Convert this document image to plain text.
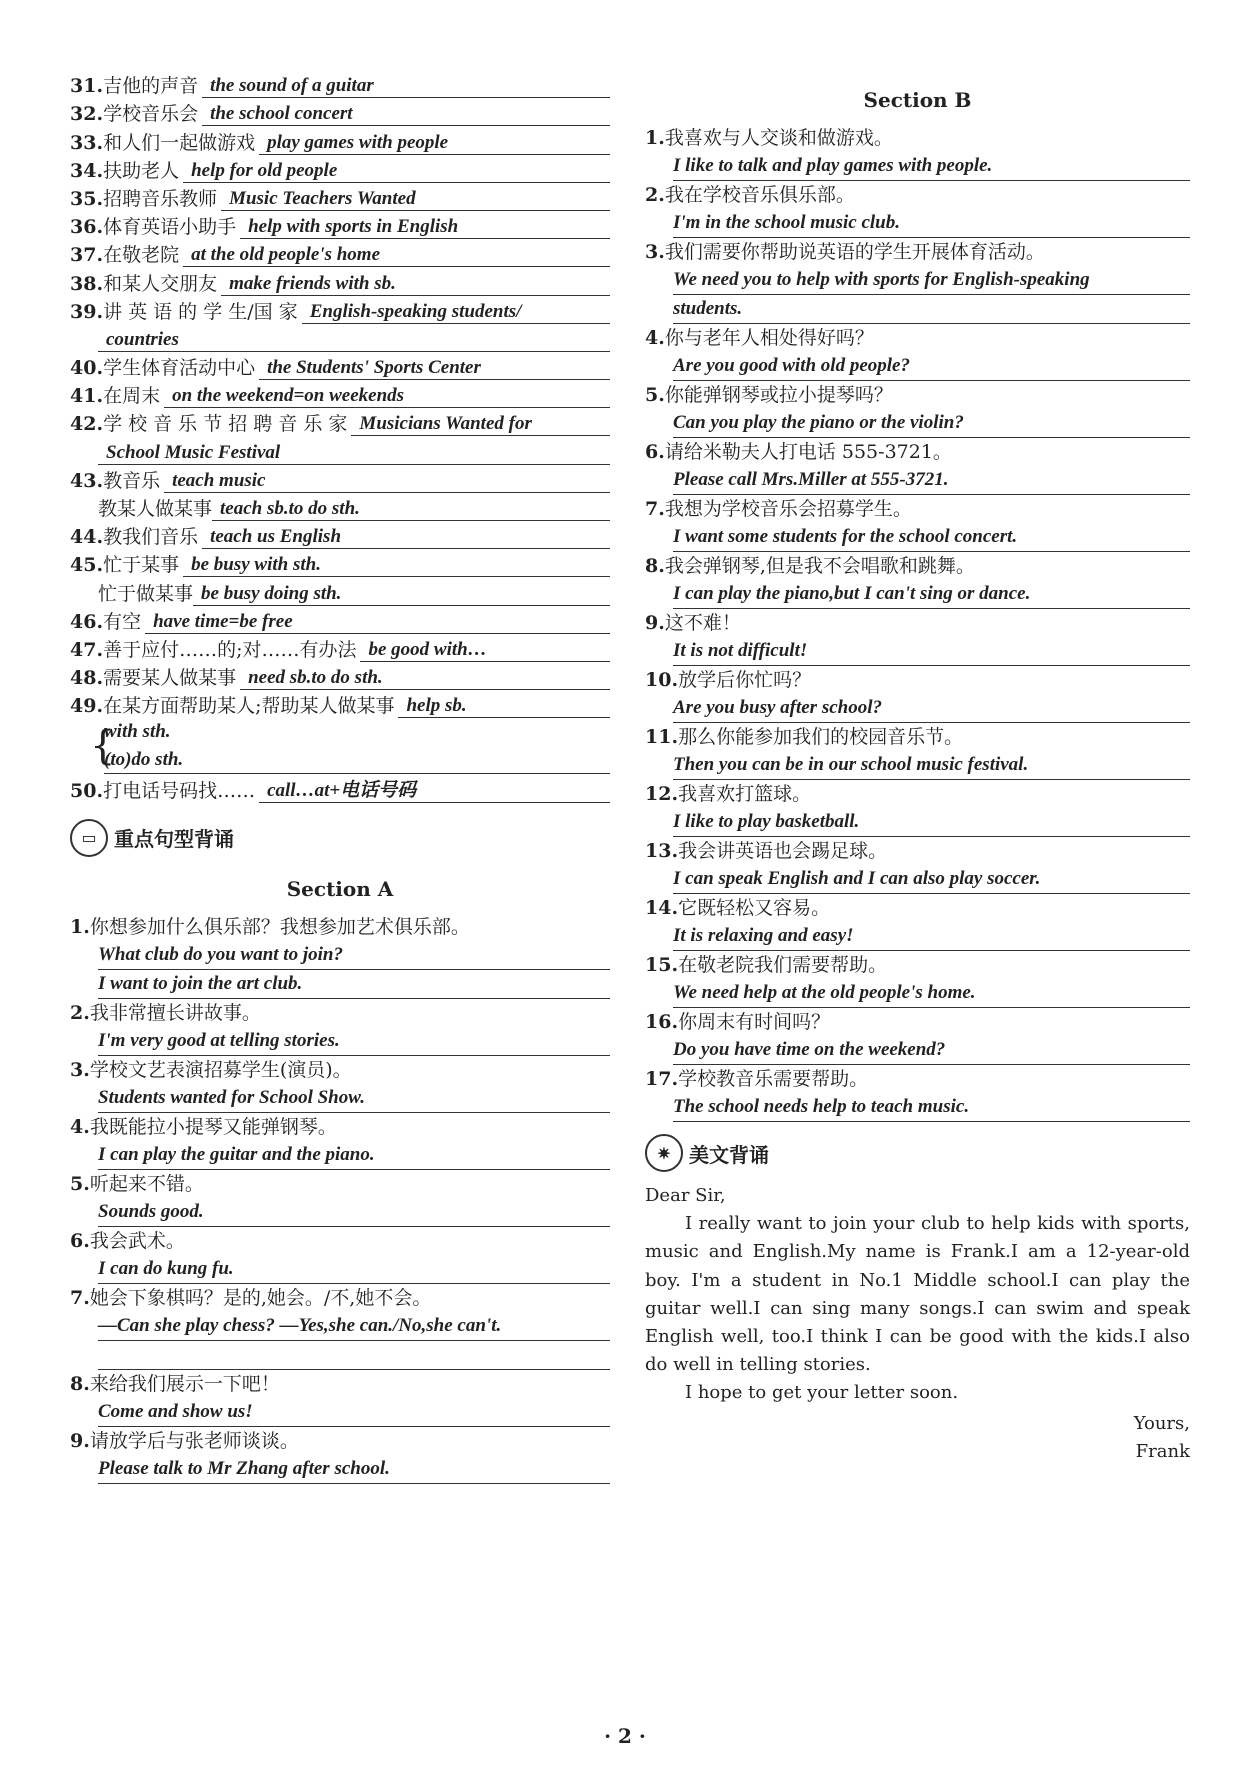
31.吉他的声音 the sound of a guitar
32.学校音乐会 the school concert
33.和人们一起做游戏 play games with people
34.扶助老人 help for old people
35.招聘音乐教师 Music Teachers Wanted
36.体育英语小助手 help with sports in English
37.在敬老院 at the old people's home
38.和某人交朋友 make friends with sb.
39.讲 英 语 的 学 生/国 家 English-speaking students/
countries
40.学生体育活动中心 the Students' Sports Center
41.在周末 on the weekend=on weekends
42.学 校 音 乐 节 招 聘 音 乐 家 Musicians Wanted for
School Music Festival
43.教音乐 teach music
教某人做某事 teach sb.to do sth.
44.教我们音乐 teach us English
45.忙于某事 be busy with sth.
忙于做某事 be busy doing sth.
46.有空 have time=be free
47.善于应付……的;对……有办法 be good with…
48.需要某人做某事 need sb.to do sth.
49.在某方面帮助某人;帮助某人做某事 help sb.
{
with sth.
(to)do sth.
50.打电话号码找…… call…at+电话号码
▭ 重点句型背诵
Section A
1.你想参加什么俱乐部？我想参加艺术俱乐部。
What club do you want to join?
I want to join the art club.
2.我非常擅长讲故事。
I'm very good at telling stories.
3.学校文艺表演招募学生(演员)。
Students wanted for School Show.
4.我既能拉小提琴又能弹钢琴。
I can play the guitar and the piano.
5.听起来不错。
Sounds good.
6.我会武术。
I can do kung fu.
7.她会下象棋吗？是的,她会。/不,她不会。
—Can she play chess? —Yes,she can./No,she can't.

8.来给我们展示一下吧！
Come and show us!
9.请放学后与张老师谈谈。
Please talk to Mr Zhang after school.
Section B
1.我喜欢与人交谈和做游戏。
I like to talk and play games with people.
2.我在学校音乐俱乐部。
I'm in the school music club.
3.我们需要你帮助说英语的学生开展体育活动。
We need you to help with sports for English-speaking
students.
4.你与老年人相处得好吗？
Are you good with old people?
5.你能弹钢琴或拉小提琴吗？
Can you play the piano or the violin?
6.请给米勒夫人打电话 555-3721。
Please call Mrs.Miller at 555-3721.
7.我想为学校音乐会招募学生。
I want some students for the school concert.
8.我会弹钢琴,但是我不会唱歌和跳舞。
I can play the piano,but I can't sing or dance.
9.这不难！
It is not difficult!
10.放学后你忙吗？
Are you busy after school?
11.那么你能参加我们的校园音乐节。
Then you can be in our school music festival.
12.我喜欢打篮球。
I like to play basketball.
13.我会讲英语也会踢足球。
I can speak English and I can also play soccer.
14.它既轻松又容易。
It is relaxing and easy!
15.在敬老院我们需要帮助。
We need help at the old people's home.
16.你周末有时间吗？
Do you have time on the weekend?
17.学校教音乐需要帮助。
The school needs help to teach music.
✷ 美文背诵

Dear Sir,

I really want to join your club to help kids with sports, music and English.My name is Frank.I am a 12-year-old boy. I'm a student in No.1 Middle school.I can play the guitar well.I can sing many songs.I can swim and speak English well, too.I think I can be good with the kids.I also do well in telling stories.

I hope to get your letter soon.

Yours,

Frank

· 2 ·
